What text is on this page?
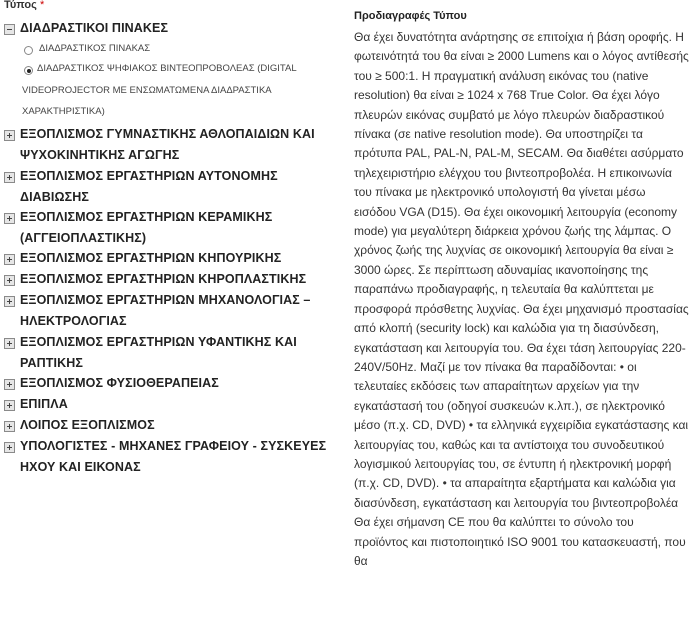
Τύπος *
ΔΙΑΔΡΑΣΤΙΚΟΙ ΠΙΝΑΚΕΣ
ΔΙΑΔΡΑΣΤΙΚΟΣ ΠΙΝΑΚΑΣ
ΔΙΑΔΡΑΣΤΙΚΟΣ ΨΗΦΙΑΚΟΣ ΒΙΝΤΕΟΠΡΟΒΟΛΕΑΣ (DIGITAL VIDEOPROJECTOR ΜΕ ΕΝΣΩΜΑΤΩΜΕΝΑ ΔΙΑΔΡΑΣΤΙΚΑ ΧΑΡΑΚΤΗΡΙΣΤΙΚΑ)
ΕΞΟΠΛΙΣΜΟΣ ΓΥΜΝΑΣΤΙΚΗΣ ΑΘΛΟΠΑΙΔΙΩΝ ΚΑΙ ΨΥΧΟΚΙΝΗΤΙΚΗΣ ΑΓΩΓΗΣ
ΕΞΟΠΛΙΣΜΟΣ ΕΡΓΑΣΤΗΡΙΩΝ ΑΥΤΟΝΟΜΗΣ ΔΙΑΒΙΩΣΗΣ
ΕΞΟΠΛΙΣΜΟΣ ΕΡΓΑΣΤΗΡΙΩΝ ΚΕΡΑΜΙΚΗΣ (ΑΓΓΕΙΟΠΛΑΣΤΙΚΗΣ)
ΕΞΟΠΛΙΣΜΟΣ ΕΡΓΑΣΤΗΡΙΩΝ ΚΗΠΟΥΡΙΚΗΣ
ΕΞΟΠΛΙΣΜΟΣ ΕΡΓΑΣΤΗΡΙΩΝ ΚΗΡΟΠΛΑΣΤΙΚΗΣ
ΕΞΟΠΛΙΣΜΟΣ ΕΡΓΑΣΤΗΡΙΩΝ ΜΗΧΑΝΟΛΟΓΙΑΣ – ΗΛΕΚΤΡΟΛΟΓΙΑΣ
ΕΞΟΠΛΙΣΜΟΣ ΕΡΓΑΣΤΗΡΙΩΝ ΥΦΑΝΤΙΚΗΣ ΚΑΙ ΡΑΠΤΙΚΗΣ
ΕΞΟΠΛΙΣΜΟΣ ΦΥΣΙΟΘΕΡΑΠΕΙΑΣ
ΕΠΙΠΛΑ
ΛΟΙΠΟΣ ΕΞΟΠΛΙΣΜΟΣ
ΥΠΟΛΟΓΙΣΤΕΣ - ΜΗΧΑΝΕΣ ΓΡΑΦΕΙΟΥ - ΣΥΣΚΕΥΕΣ ΗΧΟΥ ΚΑΙ ΕΙΚΟΝΑΣ
Προδιαγραφές Τύπου
Θα έχει δυνατότητα ανάρτησης σε επιτοίχια ή βάση οροφής. Η φωτεινότητά του θα είναι ≥ 2000 Lumens και ο λόγος αντίθεσής του ≥ 500:1. Η πραγματική ανάλυση εικόνας του (native resolution) θα είναι ≥ 1024 x 768 True Color. Θα έχει λόγο πλευρών εικόνας συμβατό με λόγο πλευρών διαδραστικού πίνακα (σε native resolution mode). Θα υποστηρίζει τα πρότυπα PAL, PAL-N, PAL-M, SECAM. Θα διαθέτει ασύρματο τηλεχειριστήριο ελέγχου του βιντεοπροβολέα. Η επικοινωνία του πίνακα με ηλεκτρονικό υπολογιστή θα γίνεται μέσω εισόδου VGA (D15). Θα έχει οικονομική λειτουργία (economy mode) για μεγαλύτερη διάρκεια χρόνου ζωής της λάμπας. Ο χρόνος ζωής της λυχνίας σε οικονομική λειτουργία θα είναι ≥ 3000 ώρες. Σε περίπτωση αδυναμίας ικανοποίησης της παραπάνω προδιαγραφής, η τελευταία θα καλύπτεται με προσφορά πρόσθετης λυχνίας. Θα έχει μηχανισμό προστασίας από κλοπή (security lock) και καλώδια για τη διασύνδεση, εγκατάσταση και λειτουργία του. Θα έχει τάση λειτουργίας 220-240V/50Hz. Μαζί με τον πίνακα θα παραδίδονται: • οι τελευταίες εκδόσεις των απαραίτητων αρχείων για την εγκατάστασή του (οδηγοί συσκευών κ.λπ.), σε ηλεκτρονικό μέσο (π.χ. CD, DVD) • τα ελληνικά εγχειρίδια εγκατάστασης και λειτουργίας του, καθώς και τα αντίστοιχα του συνοδευτικού λογισμικού λειτουργίας του, σε έντυπη ή ηλεκτρονική μορφή (π.χ. CD, DVD). • τα απαραίτητα εξαρτήματα και καλώδια για διασύνδεση, εγκατάσταση και λειτουργία του βιντεοπροβολέα Θα έχει σήμανση CE που θα καλύπτει το σύνολο του προϊόντος και πιστοποιητικό ISO 9001 του κατασκευαστή, που θα
